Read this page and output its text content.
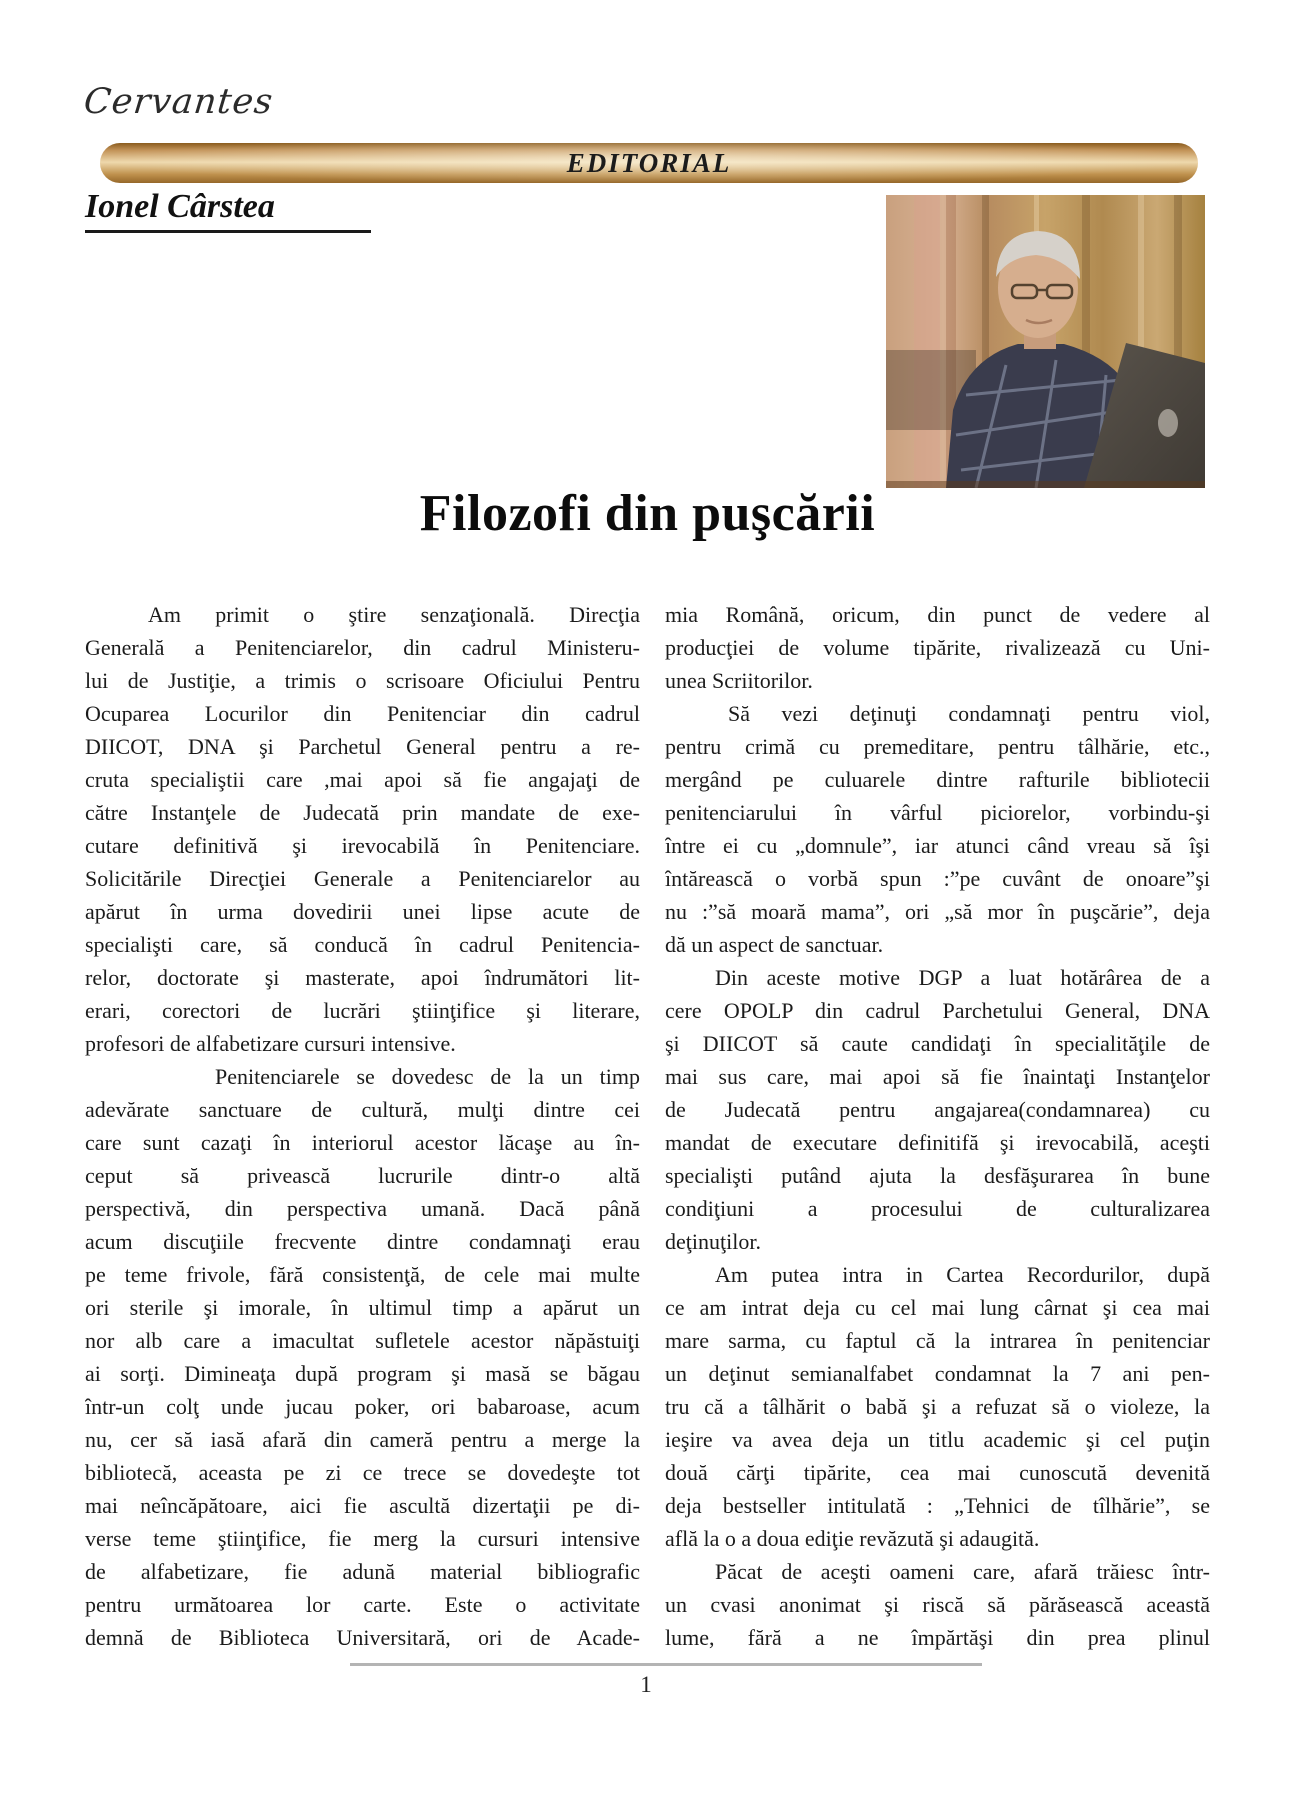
Cervantes
EDITORIAL
Ionel Cârstea
Filozofi din puşcării
Am primit o ştire senzaţională. Direcţia
Generală a Penitenciarelor, din cadrul Ministeru-
lui de Justiţie, a trimis o scrisoare Oficiului Pentru
Ocuparea Locurilor din Penitenciar din cadrul
DIICOT, DNA şi Parchetul General pentru a re-
cruta specialiştii care ,mai apoi să fie angajaţi de
către Instanţele de Judecată prin mandate de exe-
cutare definitivă şi irevocabilă în Penitenciare.
Solicitările Direcţiei Generale a Penitenciarelor au
apărut în urma dovedirii unei lipse acute de
specialişti care, să conducă în cadrul Penitencia-
relor, doctorate şi masterate, apoi îndrumători lit-
erari, corectori de lucrări ştiinţifice şi literare,
profesori de alfabetizare cursuri intensive.
Penitenciarele se dovedesc de la un timp
adevărate sanctuare de cultură, mulţi dintre cei
care sunt cazaţi în interiorul acestor lăcaşe au în-
ceput să privească lucrurile dintr-o altă
perspectivă, din perspectiva umană. Dacă până
acum discuţiile frecvente dintre condamnaţi erau
pe teme frivole, fără consistenţă, de cele mai multe
ori sterile şi imorale, în ultimul timp a apărut un
nor alb care a imacultat sufletele acestor năpăstuiţi
ai sorţi. Dimineaţa după program şi masă se băgau
într-un colţ unde jucau poker, ori babaroase, acum
nu, cer să iasă afară din cameră pentru a merge la
bibliotecă, aceasta pe zi ce trece se dovedeşte tot
mai neîncăpătoare, aici fie ascultă dizertaţii pe di-
verse teme ştiinţifice, fie merg la cursuri intensive
de alfabetizare, fie adună material bibliografic
pentru următoarea lor carte. Este o activitate
demnă de Biblioteca Universitară, ori de Acade-
mia Română, oricum, din punct de vedere al
producţiei de volume tipărite, rivalizează cu Uni-
unea Scriitorilor.
Să vezi deţinuţi condamnaţi pentru viol,
pentru crimă cu premeditare, pentru tâlhărie, etc.,
mergând pe culuarele dintre rafturile bibliotecii
penitenciarului în vârful piciorelor, vorbindu-şi
între ei cu „domnule”, iar atunci când vreau să îşi
întărească o vorbă spun :”pe cuvânt de onoare”şi
nu :”să moară mama”, ori „să mor în puşcărie”, deja
dă un aspect de sanctuar.
Din aceste motive DGP a luat hotărârea de a
cere OPOLP din cadrul Parchetului General, DNA
şi DIICOT să caute candidaţi în specialităţile de
mai sus care, mai apoi să fie înaintaţi Instanţelor
de Judecată pentru angajarea(condamnarea) cu
mandat de executare definitifă şi irevocabilă, aceşti
specialişti putând ajuta la desfăşurarea în bune
condiţiuni a procesului de culturalizarea
deţinuţilor.
Am putea intra in Cartea Recordurilor, după
ce am intrat deja cu cel mai lung cârnat şi cea mai
mare sarma, cu faptul că la intrarea în penitenciar
un deţinut semianalfabet condamnat la 7 ani pen-
tru că a tâlhărit o babă şi a refuzat să o violeze, la
ieşire va avea deja un titlu academic şi cel puţin
două cărţi tipărite, cea mai cunoscută devenită
deja bestseller intitulată : „Tehnici de tîlhărie”, se
află la o a doua ediţie revăzută şi adaugită.
Păcat de aceşti oameni care, afară trăiesc într-
un cvasi anonimat şi riscă să părăsească această
lume, fără a ne împărtăşi din prea plinul
1
